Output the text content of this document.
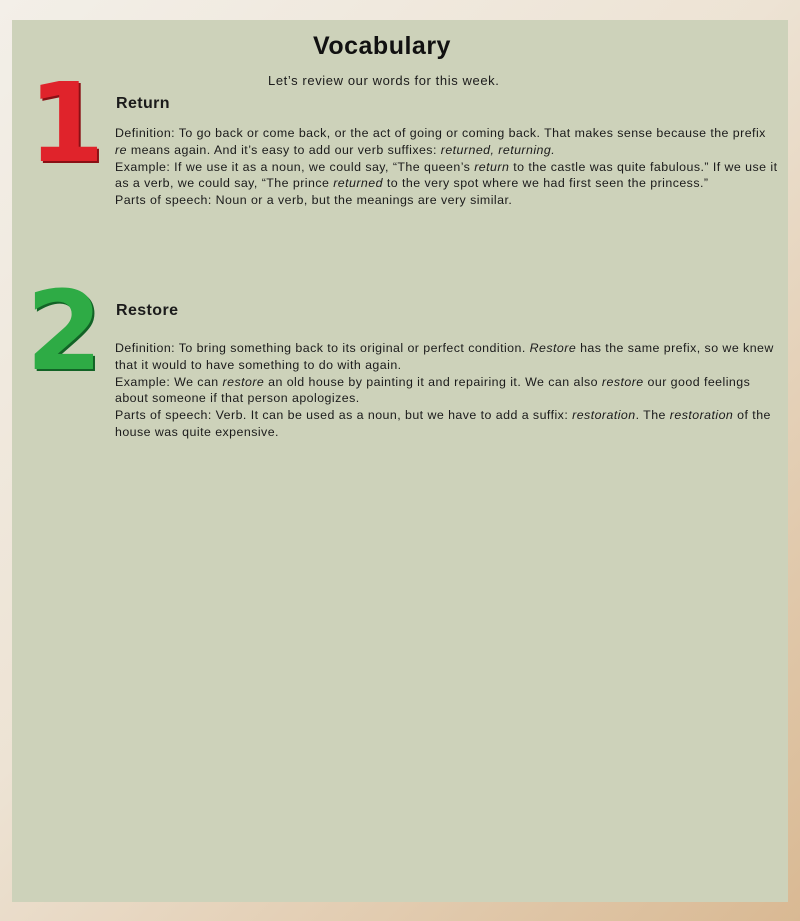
Vocabulary
Let’s review our words for this week.
1 Return

Definition: To go back or come back, or the act of going or coming back. That makes sense because the prefix re means again. And it’s easy to add our verb suffixes: returned, returning.

Example: If we use it as a noun, we could say, “The queen’s return to the castle was quite fabulous.” If we use it as a verb, we could say, “The prince returned to the very spot where we had first seen the princess.”

Parts of speech: Noun or a verb, but the meanings are very similar.

2 Restore

Definition: To bring something back to its original or perfect condition. Restore has the same prefix, so we knew that it would to have something to do with again.

Example: We can restore an old house by painting it and repairing it. We can also restore our good feelings about someone if that person apologizes.

Parts of speech: Verb. It can be used as a noun, but we have to add a suffix: restoration. The restoration of the house was quite expensive.
